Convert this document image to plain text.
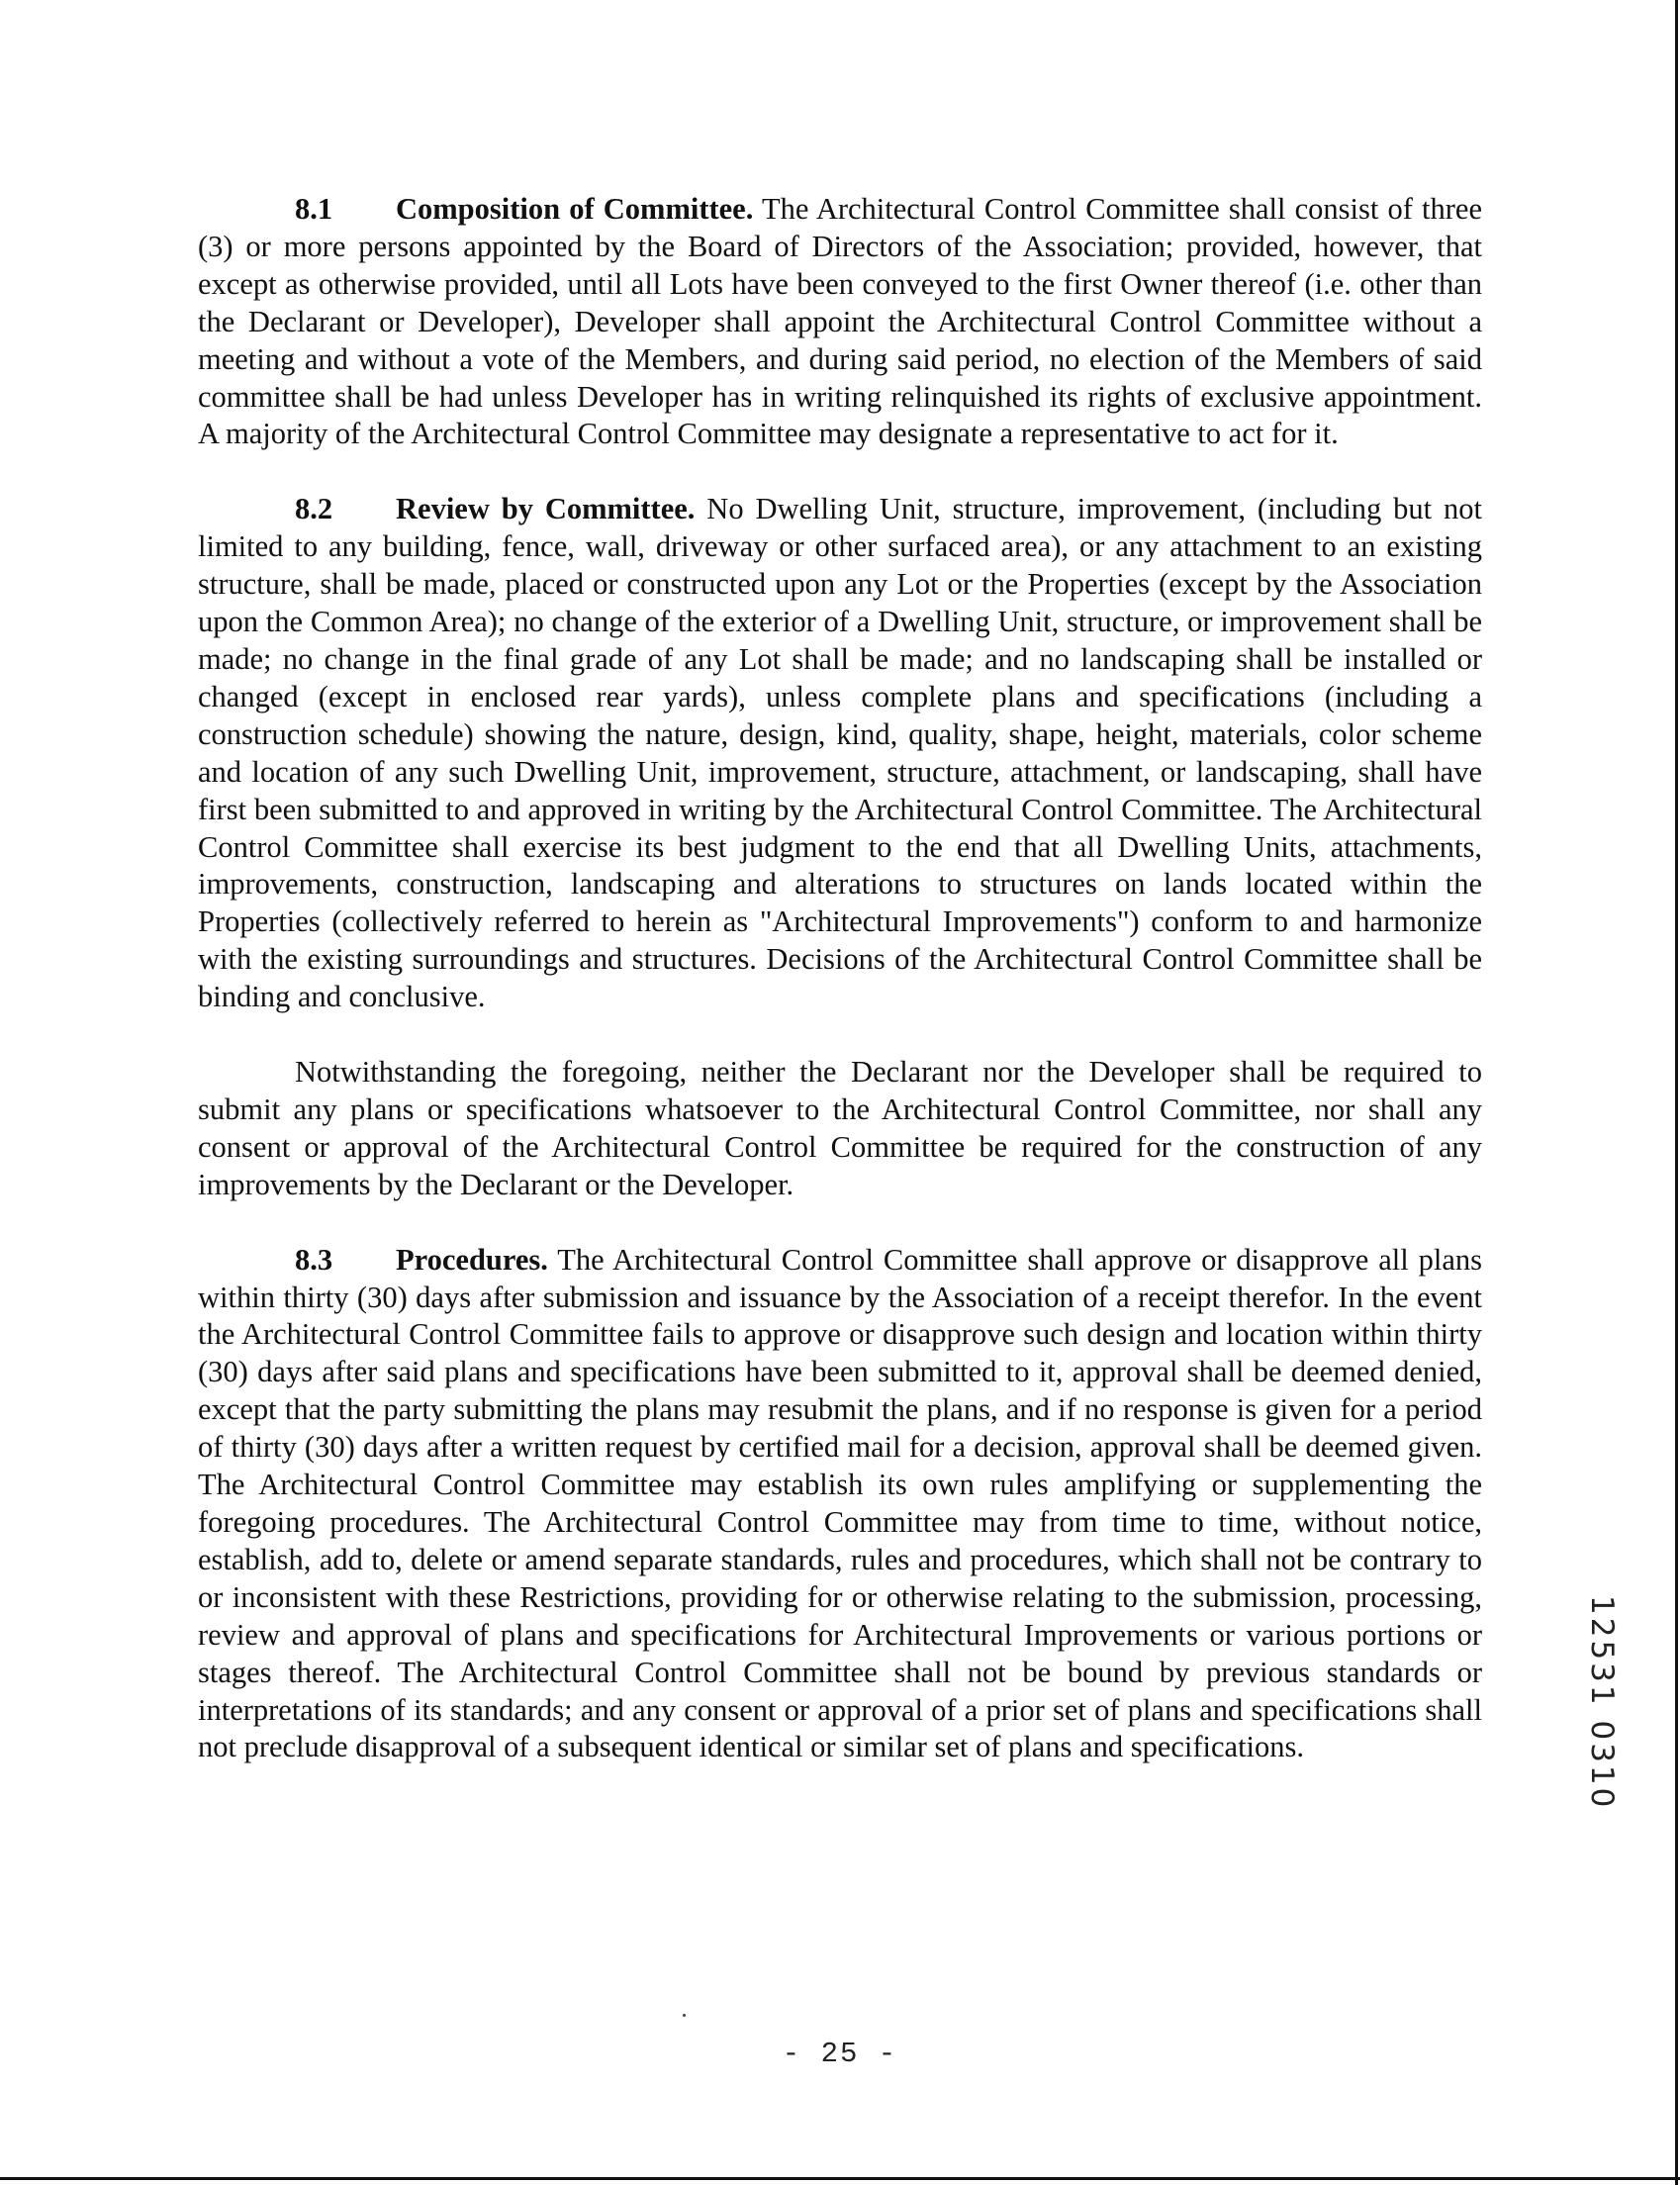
8.1 Composition of Committee. The Architectural Control Committee shall consist of three (3) or more persons appointed by the Board of Directors of the Association; provided, however, that except as otherwise provided, until all Lots have been conveyed to the first Owner thereof (i.e. other than the Declarant or Developer), Developer shall appoint the Architectural Control Committee without a meeting and without a vote of the Members, and during said period, no election of the Members of said committee shall be had unless Developer has in writing relinquished its rights of exclusive appointment. A majority of the Architectural Control Committee may designate a representative to act for it.

8.2 Review by Committee. No Dwelling Unit, structure, improvement, (including but not limited to any building, fence, wall, driveway or other surfaced area), or any attachment to an existing structure, shall be made, placed or constructed upon any Lot or the Properties (except by the Association upon the Common Area); no change of the exterior of a Dwelling Unit, structure, or improvement shall be made; no change in the final grade of any Lot shall be made; and no landscaping shall be installed or changed (except in enclosed rear yards), unless complete plans and specifications (including a construction schedule) showing the nature, design, kind, quality, shape, height, materials, color scheme and location of any such Dwelling Unit, improvement, structure, attachment, or landscaping, shall have first been submitted to and approved in writing by the Architectural Control Committee. The Architectural Control Committee shall exercise its best judgment to the end that all Dwelling Units, attachments, improvements, construction, landscaping and alterations to structures on lands located within the Properties (collectively referred to herein as "Architectural Improvements") conform to and harmonize with the existing surroundings and structures. Decisions of the Architectural Control Committee shall be binding and conclusive.

Notwithstanding the foregoing, neither the Declarant nor the Developer shall be required to submit any plans or specifications whatsoever to the Architectural Control Committee, nor shall any consent or approval of the Architectural Control Committee be required for the construction of any improvements by the Declarant or the Developer.

8.3 Procedures. The Architectural Control Committee shall approve or disapprove all plans within thirty (30) days after submission and issuance by the Association of a receipt therefor. In the event the Architectural Control Committee fails to approve or disapprove such design and location within thirty (30) days after said plans and specifications have been submitted to it, approval shall be deemed denied, except that the party submitting the plans may resubmit the plans, and if no response is given for a period of thirty (30) days after a written request by certified mail for a decision, approval shall be deemed given. The Architectural Control Committee may establish its own rules amplifying or supplementing the foregoing procedures. The Architectural Control Committee may from time to time, without notice, establish, add to, delete or amend separate standards, rules and procedures, which shall not be contrary to or inconsistent with these Restrictions, providing for or otherwise relating to the submission, processing, review and approval of plans and specifications for Architectural Improvements or various portions or stages thereof. The Architectural Control Committee shall not be bound by previous standards or interpretations of its standards; and any consent or approval of a prior set of plans and specifications shall not preclude disapproval of a subsequent identical or similar set of plans and specifications.	12531 0310
- 25 -
